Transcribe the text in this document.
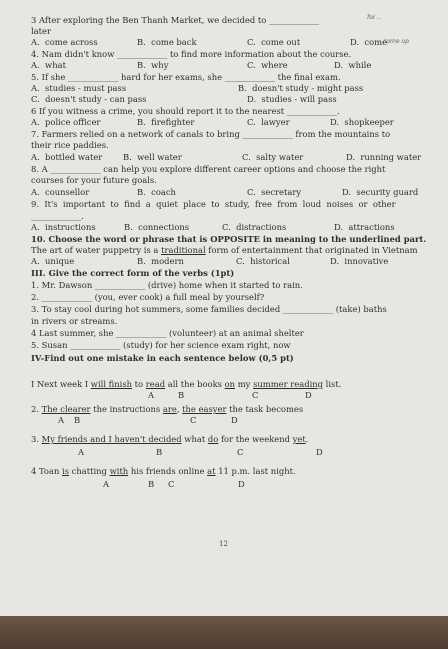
3 After exploring the Ben Thanh Market, we decided to ____________	for ..
later
A.  come across	B.  come back	C.  come out	D.  come
come up
4. Nam didn't know ____________ to find more information about the course.
A.  what	B.  why	C.  where	D.  while
5. If she ____________ hard for her exams, she ____________ the final exam.
A.  studies - must pass	B.  doesn't study - might pass
C.  doesn't study - can pass	D.  studies - will pass
6 If you witness a crime, you should report it to the nearest ____________.
A.  police officer	B.  firefighter	C.  lawyer	D.  shopkeeper
7. Farmers relied on a network of canals to bring ____________ from the mountains to
their rice paddies.
A.  bottled water B.  well water	C.  salty water	D.  running water
8. A ____________ can help you explore different career options and choose the right
courses for your future goals.
A.  counsellor	B.  coach	C.  secretary	D.  security guard
9.  It's  important  to  find  a  quiet  place  to  study,  free  from  loud  noises  or  other
____________.
A.  instructions	B.  connections	C.  distractions	D.  attractions
10. Choose the word or phrase that is OPPOSITE in meaning to the underlined part.
The art of water puppetry is a traditional form of entertainment that originated in Vietnam
A.  unique	B.  modern	C.  historical	D.  innovative
III. Give the correct form of the verbs (1pt)
1. Mr. Dawson ____________ (drive) home when it started to rain.
2. ____________ (you, ever cook) a full meal by yourself?
3. To stay cool during hot summers, some families decided ____________ (take) baths
in rivers or streams.
4 Last summer, she ____________ (volunteer) at an animal shelter
5. Susan ____________ (study) for her science exam right, now
IV-Find out one mistake in each sentence below (0,5 pt)
I Next week I will finish to read all the books on my summer reading list.
A	B	C	D
2. The clearer the instructions are, the easyer the task becomes
A B	C	D
3. My friends and I haven't decided what do for the weekend yet.
A	B	C	D
4 Toan is chatting with his friends online at 11 p.m. last night.
A	B C	D
12
